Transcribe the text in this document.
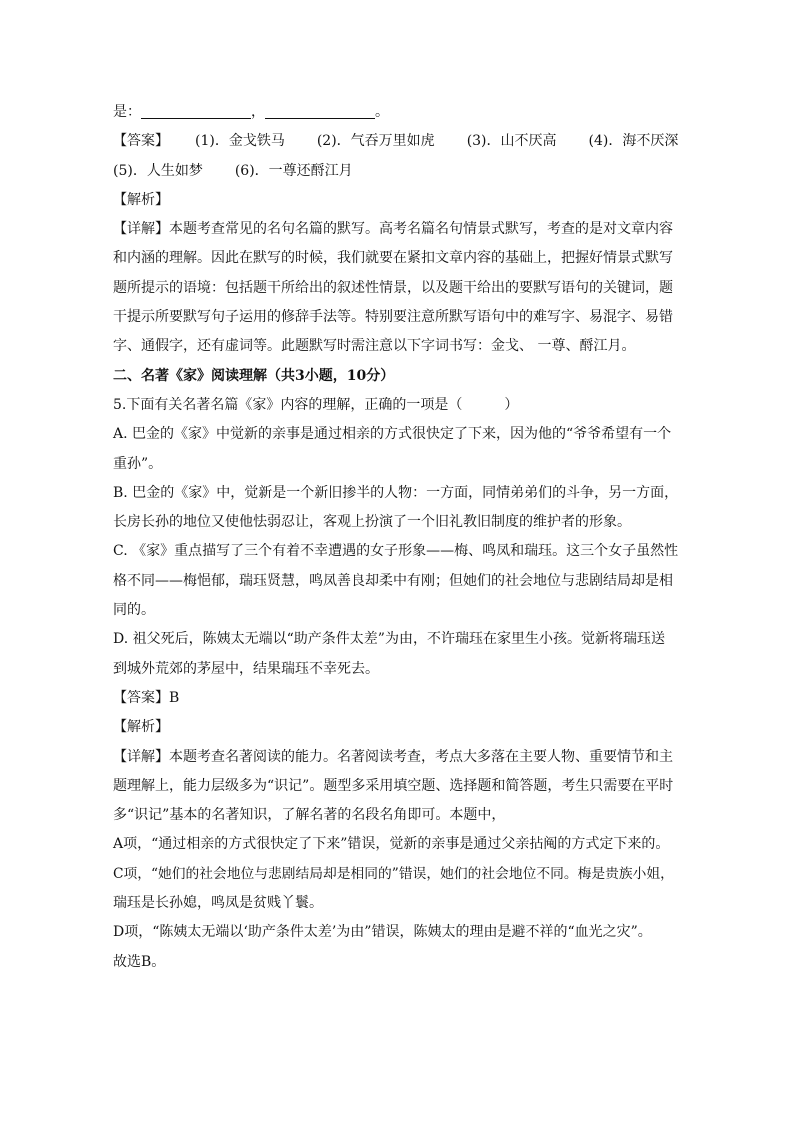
是：	，	。

【答案】 (1)．金戈铁马 (2)．气吞万里如虎 (3)．山不厌高 (4)．海不厌深

(5)．人生如梦 (6)．一尊还酹江月

【解析】

【详解】本题考查常见的名句名篇的默写。高考名篇名句情景式默写，考查的是对文章内容

和内涵的理解。因此在默写的时候，我们就要在紧扣文章内容的基础上，把握好情景式默写

题所提示的语境：包括题干所给出的叙述性情景，以及题干给出的要默写语句的关键词，题

干提示所要默写句子运用的修辞手法等。特别要注意所默写语句中的难写字、易混字、易错

字、通假字，还有虚词等。此题默写时需注意以下字词书写：金戈、 一尊、酹江月。

二、名著《家》阅读理解（共3小题，10分）

5.下面有关名著名篇《家》内容的理解，正确的一项是（　　　）

A. 巴金的《家》中觉新的亲事是通过相亲的方式很快定了下来，因为他的“爷爷希望有一个

重孙”。

B. 巴金的《家》中，觉新是一个新旧掺半的人物：一方面，同情弟弟们的斗争，另一方面，

长房长孙的地位又使他怯弱忍让，客观上扮演了一个旧礼教旧制度的维护者的形象。

C. 《家》重点描写了三个有着不幸遭遇的女子形象——梅、鸣凤和瑞珏。这三个女子虽然性

格不同——梅悒郁，瑞珏贤慧，鸣凤善良却柔中有刚；但她们的社会地位与悲剧结局却是相

同的。

D. 祖父死后，陈姨太无端以“助产条件太差”为由，不许瑞珏在家里生小孩。觉新将瑞珏送

到城外荒郊的茅屋中，结果瑞珏不幸死去。

【答案】B

【解析】

【详解】本题考查名著阅读的能力。名著阅读考查，考点大多落在主要人物、重要情节和主

题理解上，能力层级多为“识记”。题型多采用填空题、选择题和简答题，考生只需要在平时

多“识记”基本的名著知识，了解名著的名段名角即可。本题中，

A项，“通过相亲的方式很快定了下来”错误，觉新的亲事是通过父亲拈阄的方式定下来的。

C项，“她们的社会地位与悲剧结局却是相同的”错误，她们的社会地位不同。梅是贵族小姐，

瑞珏是长孙媳，鸣凤是贫贱丫鬟。

D项，“陈姨太无端以‘助产条件太差’为由”错误，陈姨太的理由是避不祥的“血光之灾”。

故选B。
